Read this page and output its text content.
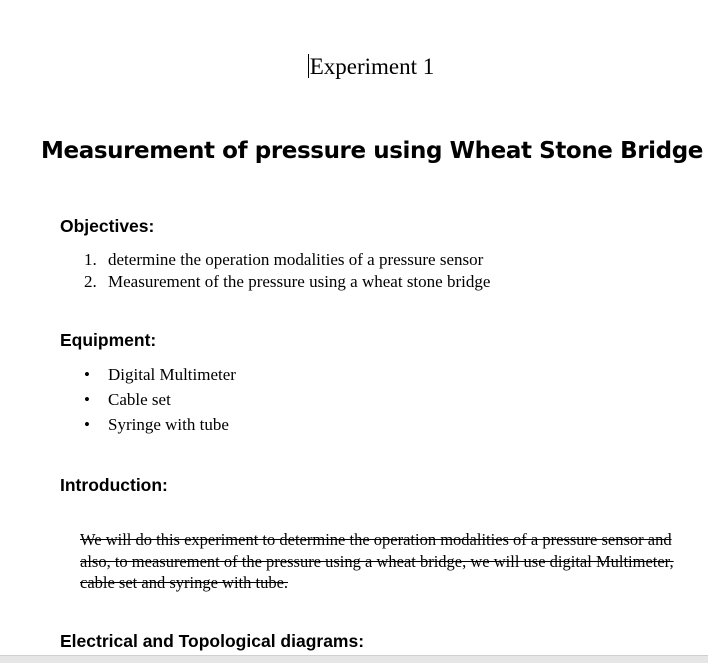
Experiment 1
Measurement of pressure using Wheat Stone Bridge
Objectives:
1. determine the operation modalities of a pressure sensor
2. Measurement of the pressure using a wheat stone bridge
Equipment:
• Digital Multimeter
• Cable set
• Syringe with tube
Introduction:
We will do this experiment to determine the operation modalities of a pressure sensor and also, to measurement of the pressure using a wheat bridge, we will use digital Multimeter, cable set and syringe with tube.
Electrical and Topological diagrams:
